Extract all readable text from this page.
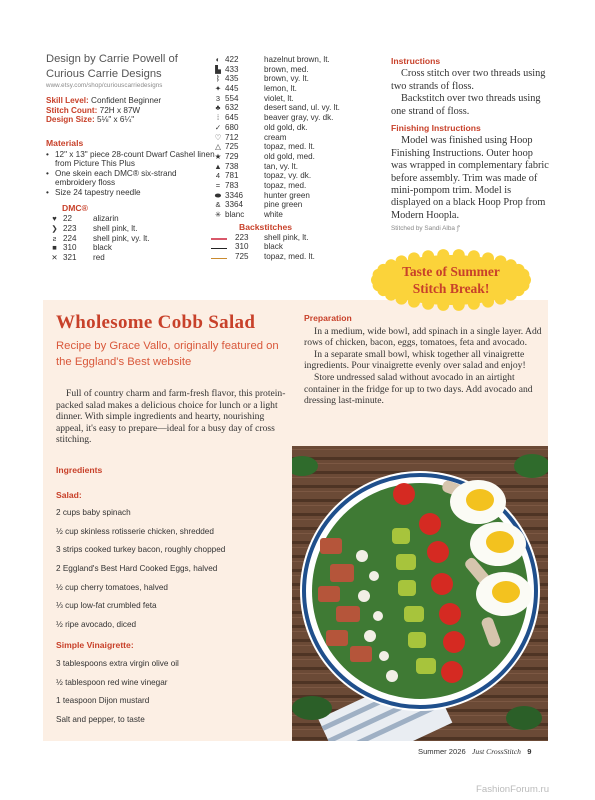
Design by Carrie Powell of
Curious Carrie Designs
www.etsy.com/shop/curiouscarriedesigns
Skill Level: Confident Beginner
Stitch Count: 72H x 87W
Design Size: 5⅛" x 6¼"
Materials
• 12" x 13" piece 28-count Dwarf Cashel linen from Picture This Plus
• One skein each DMC® six-strand embroidery floss
• Size 24 tapestry needle
DMC®
♥ 22	alizarin
❯ 223	shell pink, lt.
ƨ 224	shell pink, vy. lt.
■ 310	black
✕ 321	red
◐ 422	hazelnut brown, lt.
▙ 433	brown, med.
ᛔ 435	brown, vy. lt.
✦ 445	lemon, lt.
3 554	violet, lt.
♣ 632	desert sand, ul. vy. lt.
⁞ 645	beaver gray, vy. dk.
✓ 680	old gold, dk.
♡ 712	cream
△ 725	topaz, med. lt.
★ 729	old gold, med.
▲ 738	tan, vy. lt.
4 781	topaz, vy. dk.
= 783	topaz, med.
⬬ 3346	hunter green
& 3364	pine green
✳ blanc	white
Backstitches
223	shell pink, lt.
310	black
725	topaz, med. lt.
Instructions

Cross stitch over two threads using two strands of floss.

Backstitch over two threads using one strand of floss.

Finishing Instructions

Model was finished using Hoop Finishing Instructions. Outer hoop was wrapped in complementary fabric before assembly. Trim was made of mini-pompom trim. Model is displayed on a black Hoop Prop from Modern Hoopla.

Stitched by Sandi Alba ꝭ
Taste of Summer
Stitch Break!
Wholesome Cobb Salad
Recipe by Grace Vallo, originally featured on the Eggland's Best website
Full of country charm and farm-fresh flavor, this protein-packed salad makes a delicious choice for lunch or a light dinner. With simple ingredients and hearty, nourishing appeal, it's easy to prepare—ideal for a busy day of cross stitching.
Ingredients
Salad:
2 cups baby spinach
½ cup skinless rotisserie chicken, shredded
3 strips cooked turkey bacon, roughly chopped
2 Eggland's Best Hard Cooked Eggs, halved
½ cup cherry tomatoes, halved
⅓ cup low-fat crumbled feta
½ ripe avocado, diced
Simple Vinaigrette:
3 tablespoons extra virgin olive oil
½ tablespoon red wine vinegar
1 teaspoon Dijon mustard
Salt and pepper, to taste
Preparation

In a medium, wide bowl, add spinach in a single layer. Add rows of chicken, bacon, eggs, tomatoes, feta and avocado.

In a separate small bowl, whisk together all vinaigrette ingredients. Pour vinaigrette evenly over salad and enjoy!

Store undressed salad without avocado in an airtight container in the fridge for up to two days. Add avocado and dressing last-minute.

Summer 2026 Just CrossStitch 9
FashionForum.ru
